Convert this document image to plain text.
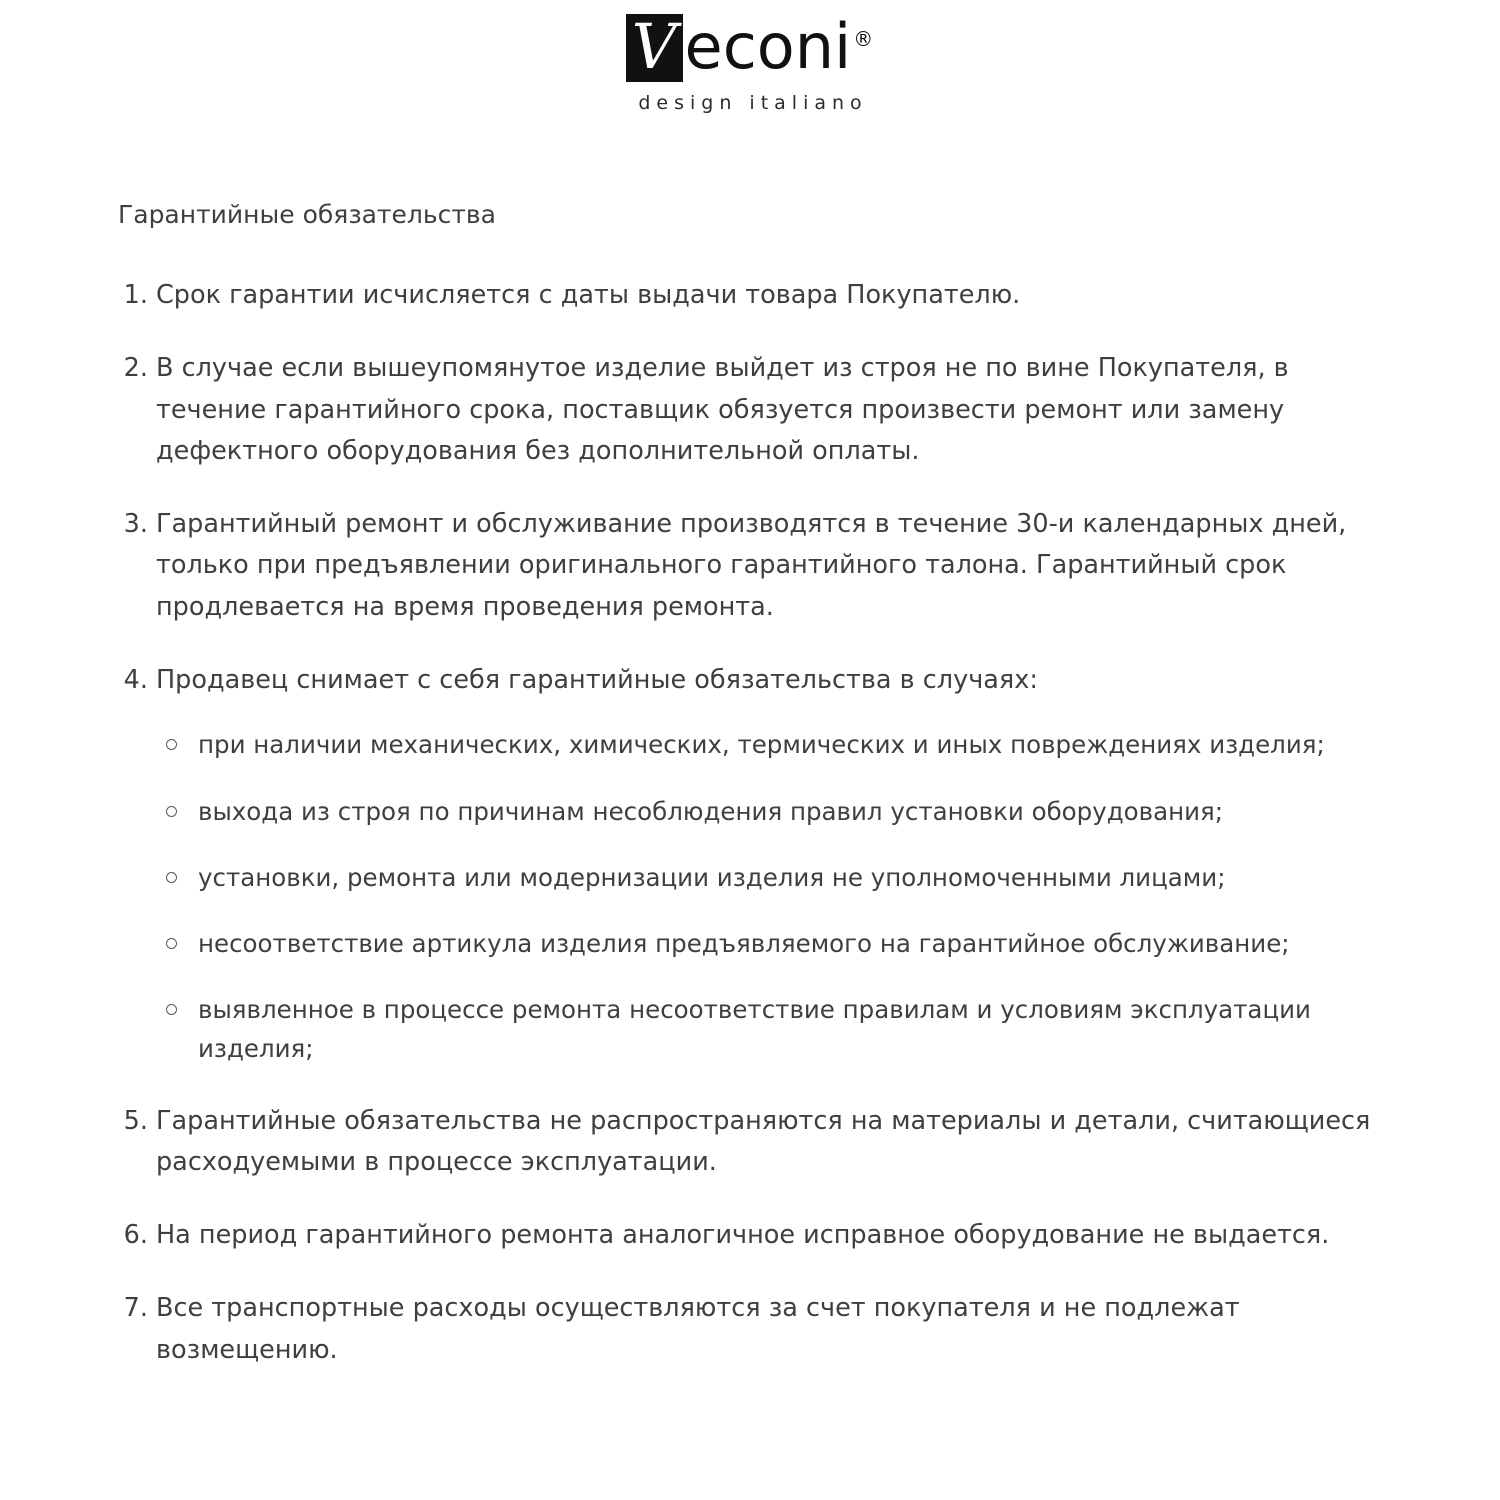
V econi ®
design italiano
Гарантийные обязательства
1. Срок гарантии исчисляется с даты выдачи товара Покупателю.
2. В случае если вышеупомянутое изделие выйдет из строя не по вине Покупателя, в течение гарантийного срока, поставщик обязуется произвести ремонт или замену дефектного оборудования без дополнительной оплаты.
3. Гарантийный ремонт и обслуживание производятся в течение 30-и календарных дней, только при предъявлении оригинального гарантийного талона. Гарантийный срок продлевается на время проведения ремонта.
4. Продавец снимает с себя гарантийные обязательства в случаях:
при наличии механических, химических, термических и иных повреждениях изделия;
выхода из строя по причинам несоблюдения правил установки оборудования;
установки, ремонта или модернизации изделия не уполномоченными лицами;
несоответствие артикула изделия предъявляемого на гарантийное обслуживание;
выявленное в процессе ремонта несоответствие правилам и условиям эксплуатации изделия;
5. Гарантийные обязательства не распространяются на материалы и детали, считающиеся расходуемыми в процессе эксплуатации.
6. На период гарантийного ремонта аналогичное исправное оборудование не выдается.
7. Все транспортные расходы осуществляются за счет покупателя и не подлежат возмещению.
